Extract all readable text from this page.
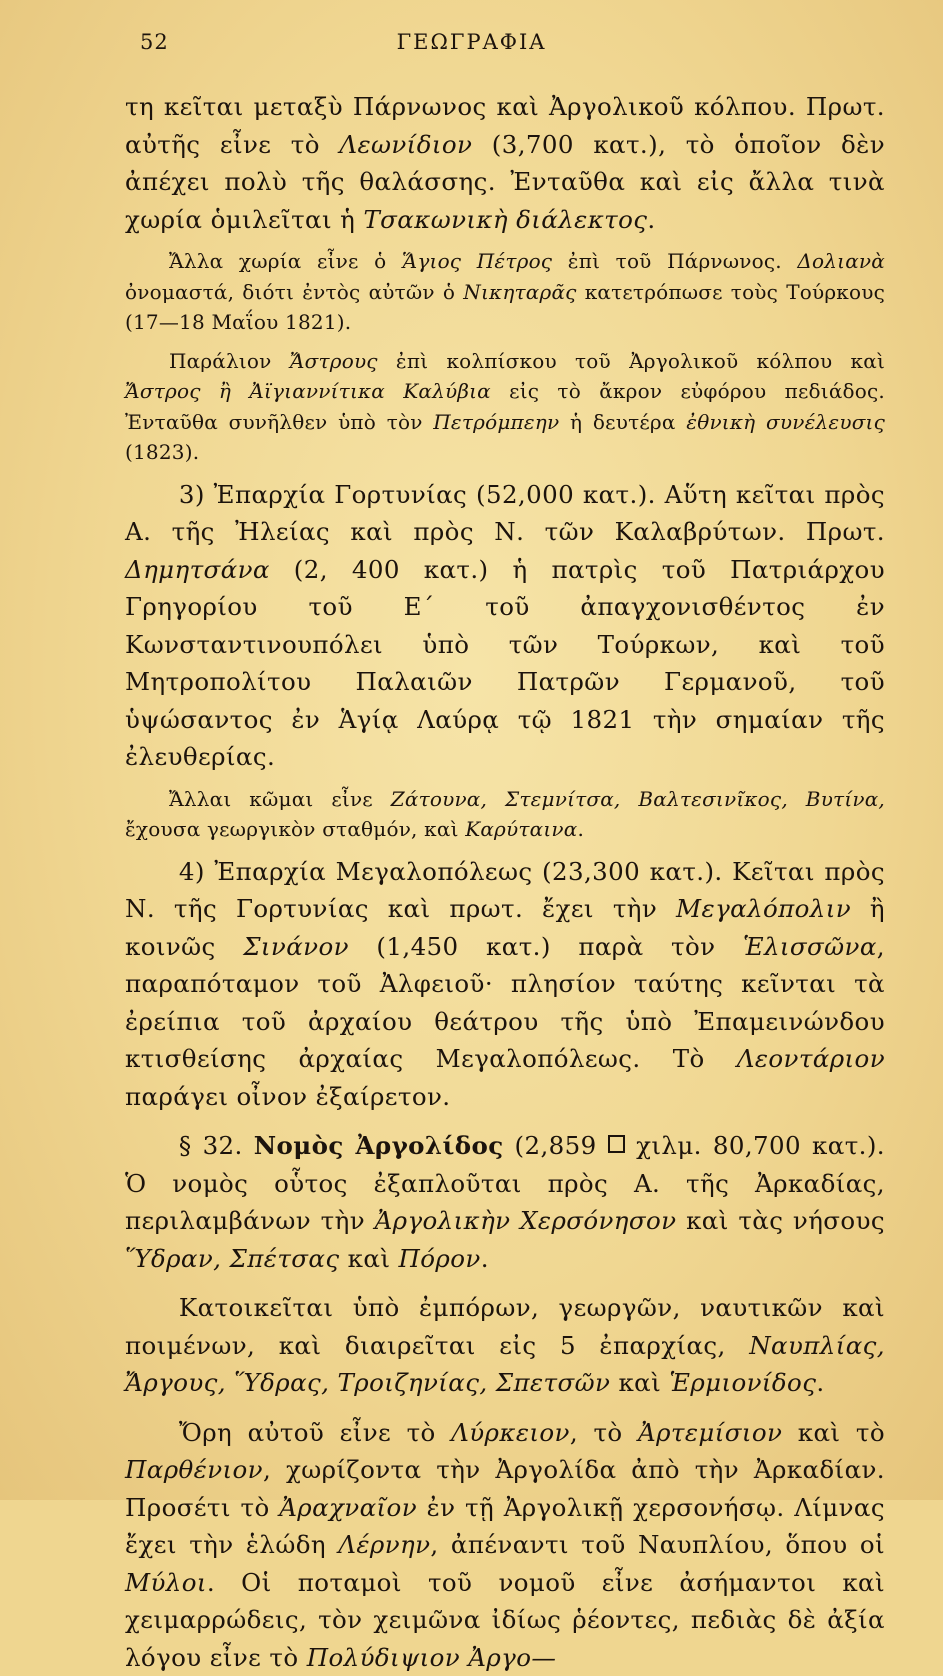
52	ΓΕΩΓΡΑΦΙΑ

τη κεῖται μεταξὺ Πάρνωνος καὶ Ἀργολικοῦ κόλπου. Πρωτ. αὐτῆς εἶνε τὸ Λεωνίδιον (3,700 κατ.), τὸ ὁποῖον δὲν ἀπέχει πολὺ τῆς θαλάσσης. Ἐνταῦθα καὶ εἰς ἄλλα τινὰ χωρία ὁμιλεῖται ἡ Τσακωνικὴ διάλεκτος.

Ἄλλα χωρία εἶνε ὁ Ἅγιος Πέτρος ἐπὶ τοῦ Πάρνωνος. Δολιανὰ ὀνομαστά, διότι ἐντὸς αὐτῶν ὁ Νικηταρᾶς κατετρόπωσε τοὺς Τούρκους (17—18 Μαΐου 1821).

Παράλιον Ἄστρους ἐπὶ κολπίσκου τοῦ Ἀργολικοῦ κόλπου καὶ Ἄστρος ἢ Ἀϊγιαννίτικα Καλύβια εἰς τὸ ἄκρον εὐφόρου πεδιάδος. Ἐνταῦθα συνῆλθεν ὑπὸ τὸν Πετρόμπεην ἡ δευτέρα ἐθνικὴ συνέλευσις (1823).

3) Ἐπαρχία Γορτυνίας (52,000 κατ.). Αὕτη κεῖται πρὸς Α. τῆς Ἠλείας καὶ πρὸς Ν. τῶν Καλαβρύτων. Πρωτ. Δημητσάνα (2, 400 κατ.) ἡ πατρὶς τοῦ Πατριάρχου Γρηγορίου τοῦ Ε΄ τοῦ ἀπαγχονισθέντος ἐν Κωνσταντινουπόλει ὑπὸ τῶν Τούρκων, καὶ τοῦ Μητροπολίτου Παλαιῶν Πατρῶν Γερμανοῦ, τοῦ ὑψώσαντος ἐν Ἁγίᾳ Λαύρᾳ τῷ 1821 τὴν σημαίαν τῆς ἐλευθερίας.

Ἄλλαι κῶμαι εἶνε Ζάτουνα, Στεμνίτσα, Βαλτεσινῖκος, Βυτίνα, ἔχουσα γεωργικὸν σταθμόν, καὶ Καρύταινα.

4) Ἐπαρχία Μεγαλοπόλεως (23,300 κατ.). Κεῖται πρὸς Ν. τῆς Γορτυνίας καὶ πρωτ. ἔχει τὴν Μεγαλόπολιν ἢ κοινῶς Σινάνον (1,450 κατ.) παρὰ τὸν Ἑλισσῶνα, παραπόταμον τοῦ Ἀλφειοῦ· πλησίον ταύτης κεῖνται τὰ ἐρείπια τοῦ ἀρχαίου θεάτρου τῆς ὑπὸ Ἐπαμεινώνδου κτισθείσης ἀρχαίας Μεγαλοπόλεως. Τὸ Λεοντάριον παράγει οἶνον ἐξαίρετον.

§ 32. Νομὸς Ἀργολίδος (2,859  χιλμ. 80,700 κατ.). Ὁ νομὸς οὗτος ἐξαπλοῦται πρὸς Α. τῆς Ἀρκαδίας, περιλαμβάνων τὴν Ἀργολικὴν Χερσόνησον καὶ τὰς νήσους Ὕδραν, Σπέτσας καὶ Πόρον.

Κατοικεῖται ὑπὸ ἐμπόρων, γεωργῶν, ναυτικῶν καὶ ποιμένων, καὶ διαιρεῖται εἰς 5 ἐπαρχίας, Ναυπλίας, Ἄργους, Ὕδρας, Τροιζηνίας, Σπετσῶν καὶ Ἑρμιονίδος.

Ὄρη αὐτοῦ εἶνε τὸ Λύρκειον, τὸ Ἀρτεμίσιον καὶ τὸ Παρθένιον, χωρίζοντα τὴν Ἀργολίδα ἀπὸ τὴν Ἀρκαδίαν. Προσέτι τὸ Ἀραχναῖον ἐν τῇ Ἀργολικῇ χερσονήσῳ. Λίμνας ἔχει τὴν ἑλώδη Λέρνην, ἀπέναντι τοῦ Ναυπλίου, ὅπου οἱ Μύλοι. Οἱ ποταμοὶ τοῦ νομοῦ εἶνε ἀσήμαντοι καὶ χειμαρρώδεις, τὸν χειμῶνα ἰδίως ῥέοντες, πεδιὰς δὲ ἀξία λόγου εἶνε τὸ Πολύδιψιον Ἀργο—
